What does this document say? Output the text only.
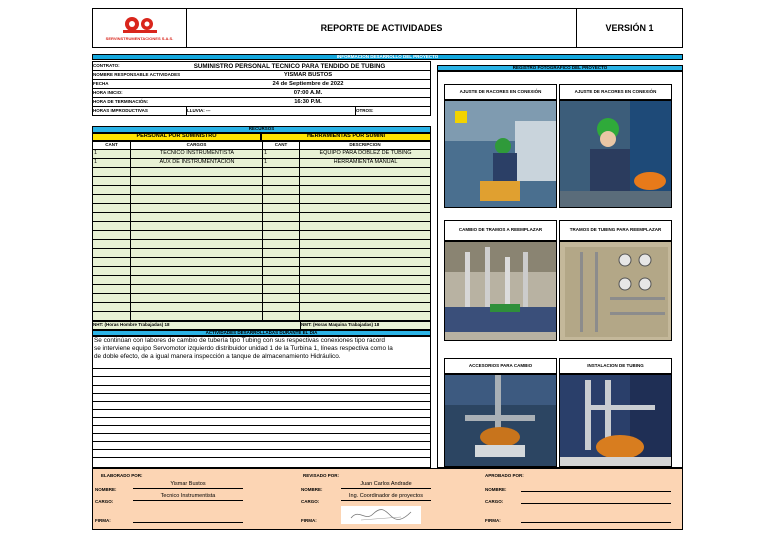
SERVINSTRUMENTACIONES S.A.S.
REPORTE DE ACTIVIDADES	VERSIÓN 1
INFORMACION DESARROLLO DEL PROYECTO
CONTRATO:	SUMINISTRO PERSONAL TECNICO PARA TENDIDO DE TUBING
NOMBRE RESPONSABLE ACTIVIDADES	YISMAR BUSTOS
FECHA	24 de Septiembre de 2022
HORA INICIO:	07:00 A.M.
HORA DE TERMINACIÓN:	16:30 P.M.
HORAS IMPRODUCTIVAS	LLUVIA: ---	OTROS:
RECURSOS
PERSONAL POR SUMINISTRO	HERRAMIENTAS POR SUMINI
CANT	CARGOS	CANT	DESCRIPCION
1	TECNICO INSTRUMENTISTA	1	EQUIPO PARA DOBLEZ DE TUBING
1	AUX DE INSTRUMENTACION	1	HERRAMIENTA MANUAL
NHT: (Horas Hombre Trabajadas) 18	NMT: (Horas Maquina Trabajadas) 18
ACTIVIDADES DESARROLLADAS DURANTE EL DIA
Se continúan con labores de cambio de tubería tipo Tubing con sus respectivas conexiones tipo racord
se interviene equipo Servomotor izquierdo distribuidor unidad 1 de la Turbina 1, líneas respectiva como la
de doble efecto, de a igual manera inspección a tanque de almacenamiento Hidráulico.
REGISTRO FOTOGRAFICO DEL PROYECTO
AJUSTE DE RACORES EN CONEXIÓN	AJUSTE DE RACORES EN CONEXIÓN
CAMBIO DE TRAMOS A REEMPLAZAR	TRAMOS DE TUBING PARA REEMPLAZAR
ACCESORIOS PARA CAMBIO	INSTALACION DE TUBING
ELABORADO POR:
NOMBRE:
Yismar Bustos
CARGO:
Tecnico Instrumentista
FIRMA:
REVISADO POR:
NOMBRE:
Juan Carlos Andrade
CARGO:
Ing. Coordinador de proyectos
FIRMA:
APROBADO POR:
NOMBRE:
CARGO:
FIRMA:
